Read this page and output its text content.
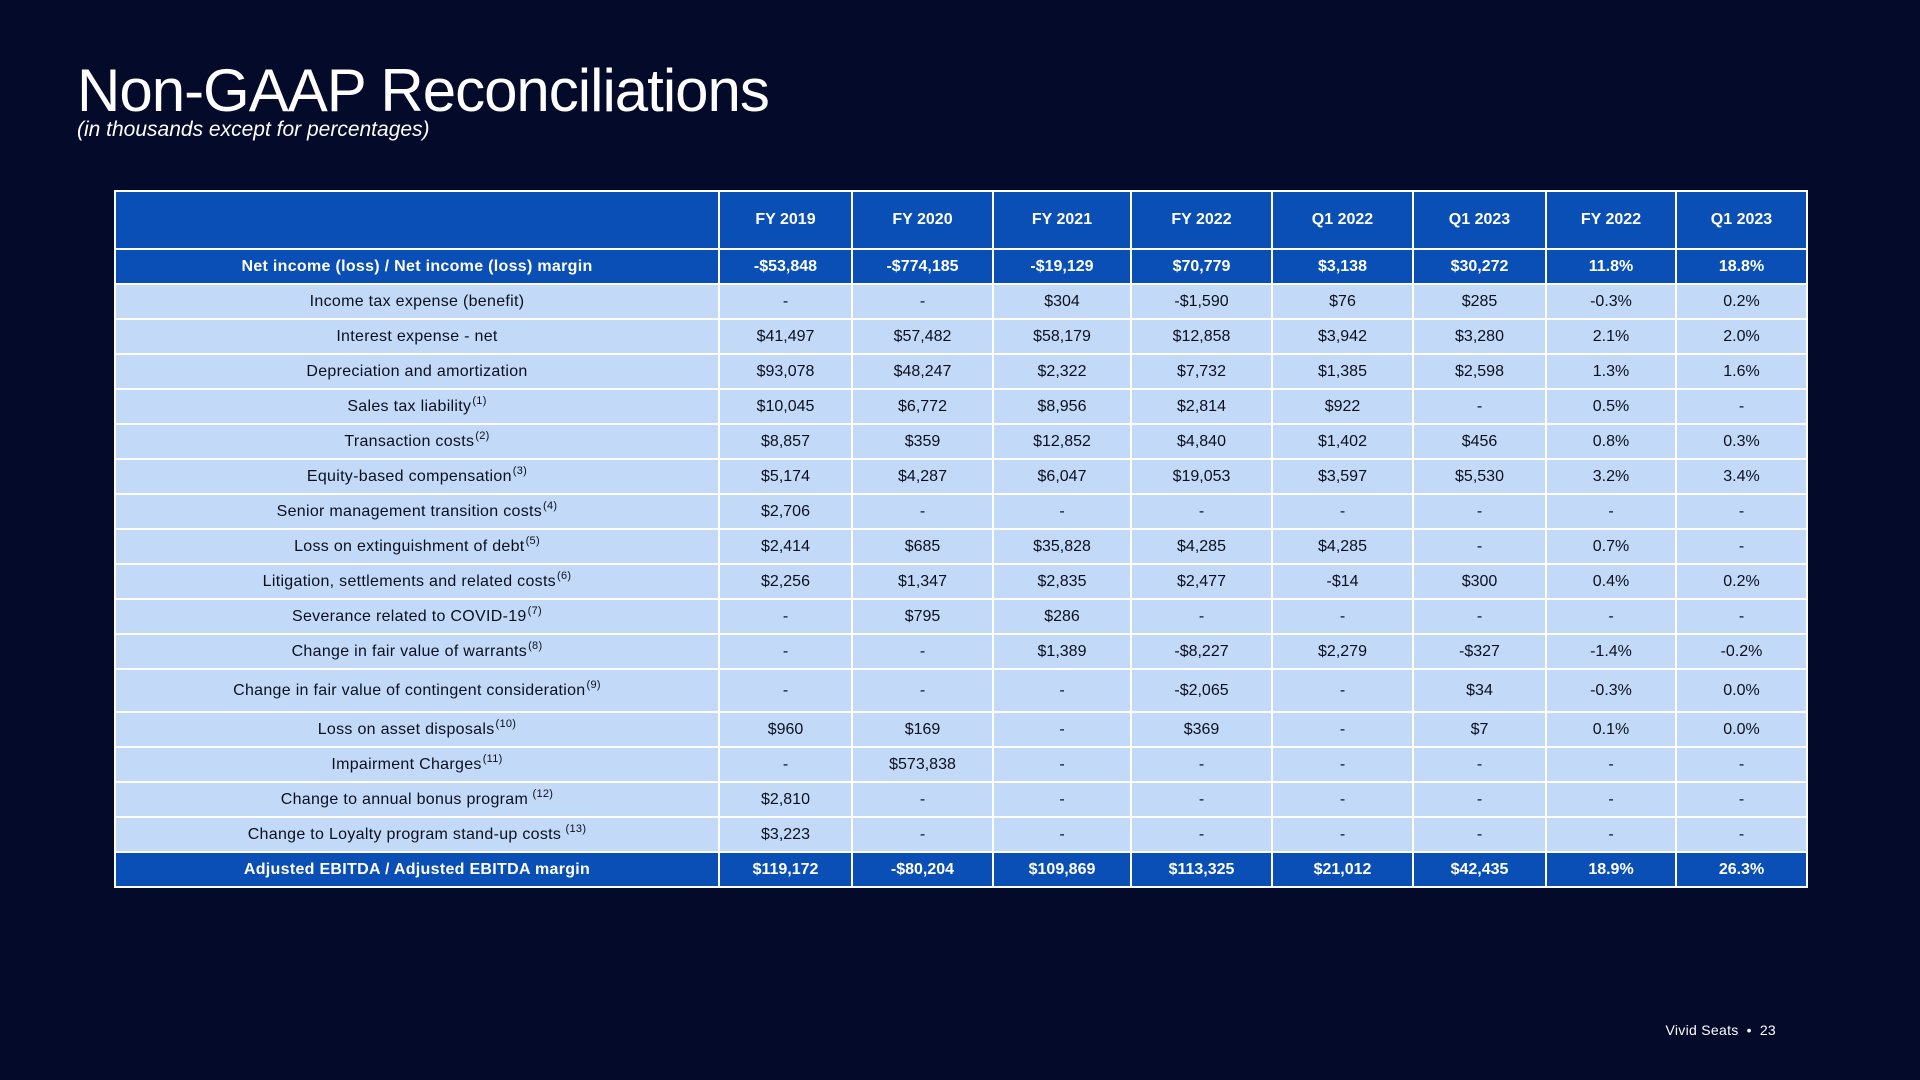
Non-GAAP Reconciliations
(in thousands except for percentages)
	FY 2019	FY 2020	FY 2021	FY 2022	Q1 2022	Q1 2023	FY 2022	Q1 2023
Net income (loss) / Net income (loss) margin	-$53,848	-$774,185	-$19,129	$70,779	$3,138	$30,272	11.8%	18.8%
Income tax expense (benefit)	-	-	$304	-$1,590	$76	$285	-0.3%	0.2%
Interest expense - net	$41,497	$57,482	$58,179	$12,858	$3,942	$3,280	2.1%	2.0%
Depreciation and amortization	$93,078	$48,247	$2,322	$7,732	$1,385	$2,598	1.3%	1.6%
Sales tax liability$^{(1)}$	$10,045	$6,772	$8,956	$2,814	$922	-	0.5%	-
Transaction costs$^{(2)}$	$8,857	$359	$12,852	$4,840	$1,402	$456	0.8%	0.3%
Equity-based compensation$^{(3)}$	$5,174	$4,287	$6,047	$19,053	$3,597	$5,530	3.2%	3.4%
Senior management transition costs$^{(4)}$	$2,706	-	-	-	-	-	-	-
Loss on extinguishment of debt$^{(5)}$	$2,414	$685	$35,828	$4,285	$4,285	-	0.7%	-
Litigation, settlements and related costs$^{(6)}$	$2,256	$1,347	$2,835	$2,477	-$14	$300	0.4%	0.2%
Severance related to COVID-19$^{(7)}$	-	$795	$286	-	-	-	-	-
Change in fair value of warrants$^{(8)}$	-	-	$1,389	-$8,227	$2,279	-$327	-1.4%	-0.2%
Change in fair value of contingent consideration$^{(9)}$	-	-	-	-$2,065	-	$34	-0.3%	0.0%
Loss on asset disposals$^{(10)}$	$960	$169	-	$369	-	$7	0.1%	0.0%
Impairment Charges$^{(11)}$	-	$573,838	-	-	-	-	-	-
Change to annual bonus program $^{(12)}$	$2,810	-	-	-	-	-	-	-
Change to Loyalty program stand-up costs $^{(13)}$	$3,223	-	-	-	-	-	-	-
Adjusted EBITDA / Adjusted EBITDA margin	$119,172	-$80,204	$109,869	$113,325	$21,012	$42,435	18.9%	26.3%
Vivid Seats • 23
